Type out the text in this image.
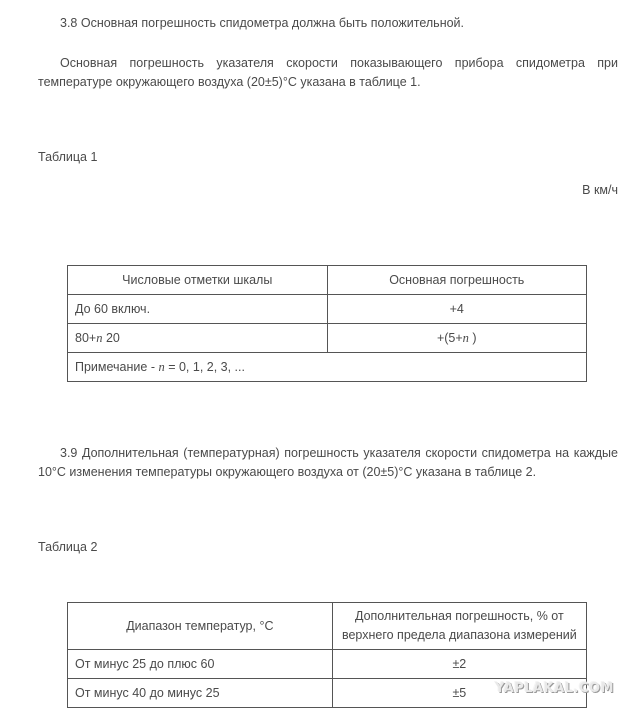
3.8 Основная погрешность спидометра должна быть положительной.
Основная погрешность указателя скорости показывающего прибора спидометра при температуре окружающего воздуха (20±5)°С указана в таблице 1.
Таблица 1
В км/ч
Числовые отметки шкалы	Основная погрешность
До 60 включ.	+4
80+n 20	+(5+n )
Примечание - n = 0, 1, 2, 3, ...	
3.9 Дополнительная (температурная) погрешность указателя скорости спидометра на каждые 10°С изменения температуры окружающего воздуха от (20±5)°С указана в таблице 2.
Таблица 2
Диапазон температур, °С	Дополнительная погрешность, % от верхнего предела диапазона измерений
От минус 25 до плюс 60	±2
От минус 40 до минус 25	±5 YAPLAKAL.COM
